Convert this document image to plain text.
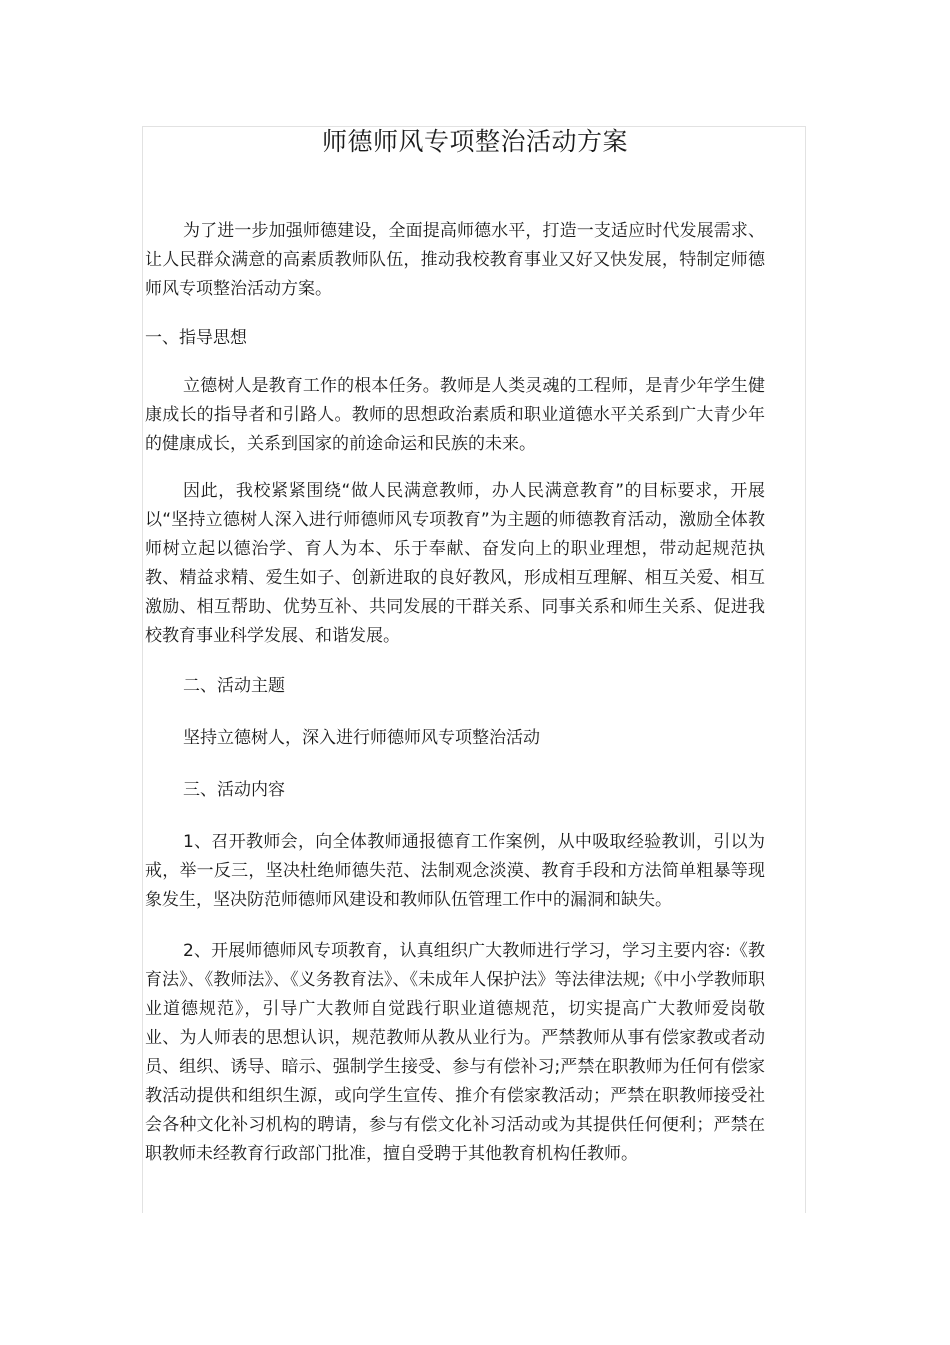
师德师风专项整治活动方案

为了进一步加强师德建设，全面提高师德水平，打造一支适应时代发展需求、让人民群众满意的高素质教师队伍，推动我校教育事业又好又快发展，特制定师德师风专项整治活动方案。

一、指导思想

立德树人是教育工作的根本任务。教师是人类灵魂的工程师，是青少年学生健康成长的指导者和引路人。教师的思想政治素质和职业道德水平关系到广大青少年的健康成长，关系到国家的前途命运和民族的未来。

因此，我校紧紧围绕“做人民满意教师，办人民满意教育”的目标要求，开展以“坚持立德树人深入进行师德师风专项教育”为主题的师德教育活动，激励全体教师树立起以德治学、育人为本、乐于奉献、奋发向上的职业理想，带动起规范执教、精益求精、爱生如子、创新进取的良好教风，形成相互理解、相互关爱、相互激励、相互帮助、优势互补、共同发展的干群关系、同事关系和师生关系、促进我校教育事业科学发展、和谐发展。

二、活动主题

坚持立德树人，深入进行师德师风专项整治活动

三、活动内容

1、召开教师会，向全体教师通报德育工作案例，从中吸取经验教训，引以为戒，举一反三，坚决杜绝师德失范、法制观念淡漠、教育手段和方法简单粗暴等现象发生，坚决防范师德师风建设和教师队伍管理工作中的漏洞和缺失。

2、开展师德师风专项教育，认真组织广大教师进行学习，学习主要内容:《教育法》、《教师法》、《义务教育法》、《未成年人保护法》等法律法规;《中小学教师职业道德规范》，引导广大教师自觉践行职业道德规范，切实提高广大教师爱岗敬业、为人师表的思想认识，规范教师从教从业行为。严禁教师从事有偿家教或者动员、组织、诱导、暗示、强制学生接受、参与有偿补习;严禁在职教师为任何有偿家教活动提供和组织生源，或向学生宣传、推介有偿家教活动；严禁在职教师接受社会各种文化补习机构的聘请，参与有偿文化补习活动或为其提供任何便利；严禁在职教师未经教育行政部门批准，擅自受聘于其他教育机构任教师。
